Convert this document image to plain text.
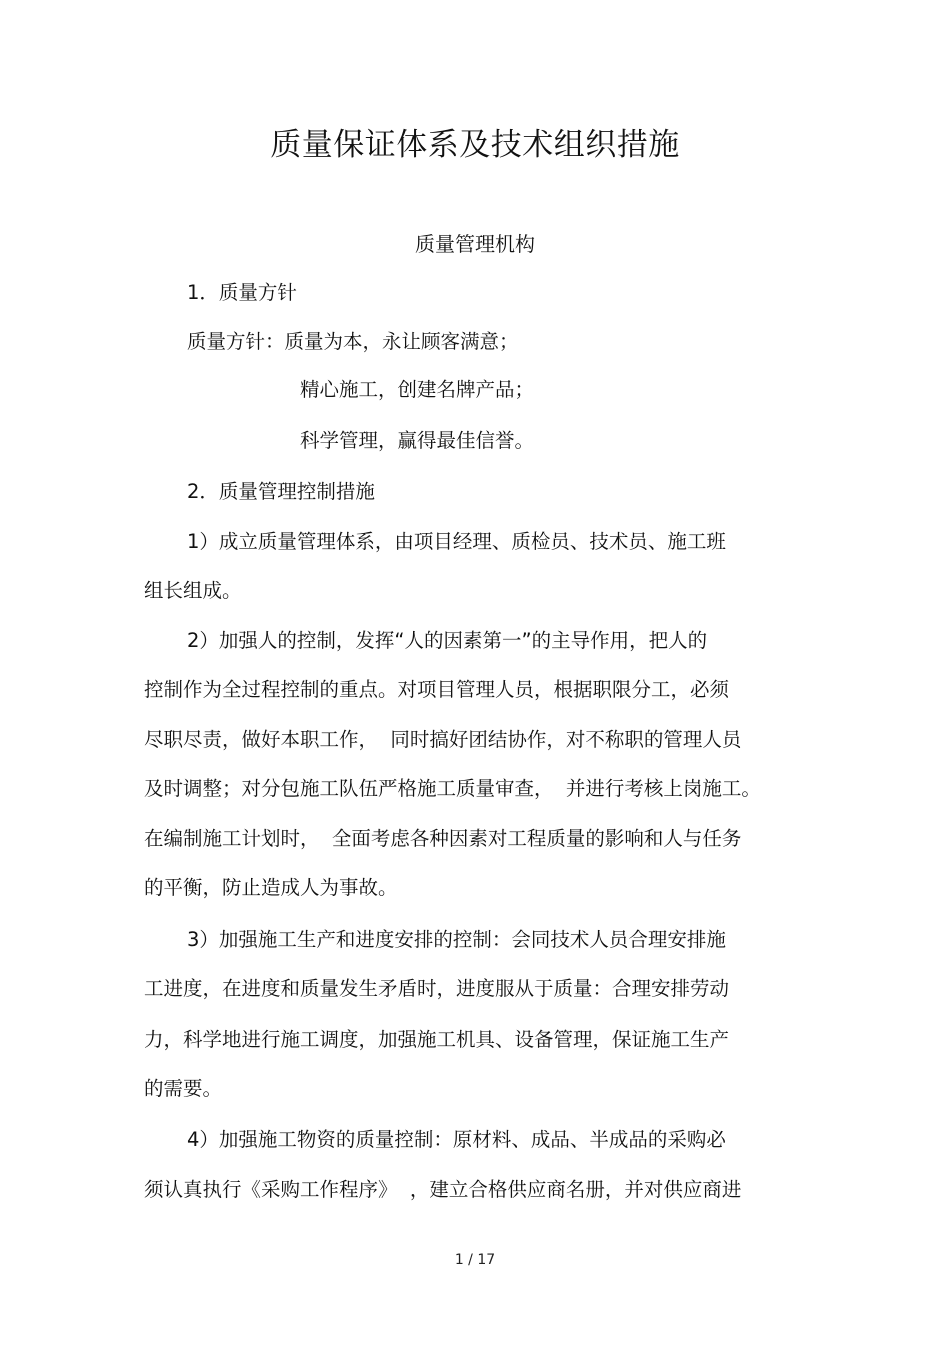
质量保证体系及技术组织措施
质量管理机构
1．质量方针
质量方针：质量为本，永让顾客满意；
精心施工，创建名牌产品；
科学管理，赢得最佳信誉。
2．质量管理控制措施
1）成立质量管理体系，由项目经理、质检员、技术员、施工班
组长组成。
2）加强人的控制，发挥“人的因素第一”的主导作用，把人的
控制作为全过程控制的重点。对项目管理人员，根据职限分工，必须
尽职尽责，做好本职工作，  同时搞好团结协作，对不称职的管理人员
及时调整；对分包施工队伍严格施工质量审查，  并进行考核上岗施工。
在编制施工计划时，  全面考虑各种因素对工程质量的影响和人与任务
的平衡，防止造成人为事故。
3）加强施工生产和进度安排的控制：会同技术人员合理安排施
工进度，在进度和质量发生矛盾时，进度服从于质量：合理安排劳动
力，科学地进行施工调度，加强施工机具、设备管理，保证施工生产
的需要。
4）加强施工物资的质量控制：原材料、成品、半成品的采购必
须认真执行《采购工作程序》  ，建立合格供应商名册，并对供应商进
1 / 17
